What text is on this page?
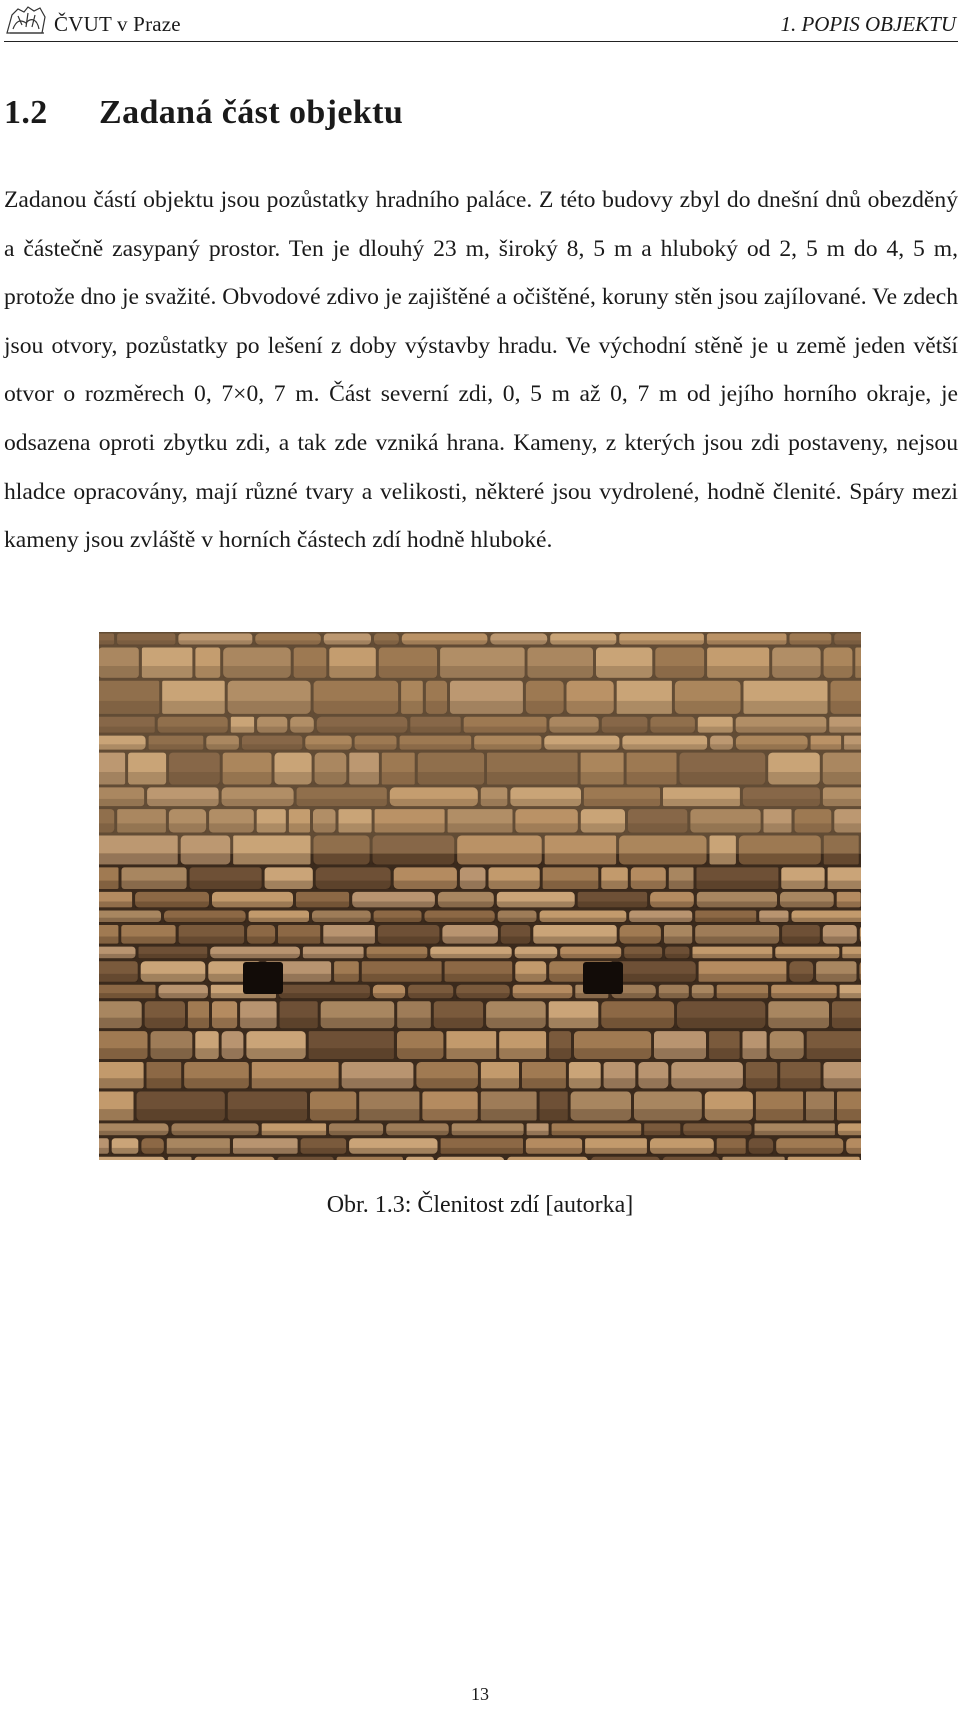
ČVUT v Praze	1. POPIS OBJEKTU
1.2 Zadaná část objektu

Zadanou částí objektu jsou pozůstatky hradního paláce. Z této budovy zbyl do dnešní dnů obezděný a částečně zasypaný prostor. Ten je dlouhý 23 m, široký 8, 5 m a hluboký od 2, 5 m do 4, 5 m, protože dno je svažité. Obvodové zdivo je zajištěné a očištěné, koruny stěn jsou zajílované. Ve zdech jsou otvory, pozůstatky po lešení z doby výstavby hradu. Ve východní stěně je u země jeden větší otvor o rozměrech 0, 7×0, 7 m. Část severní zdi, 0, 5 m až 0, 7 m od jejího horního okraje, je odsazena oproti zbytku zdi, a tak zde vzniká hrana. Kameny, z kterých jsou zdi postaveny, nejsou hladce opracovány, mají různé tvary a velikosti, některé jsou vydrolené, hodně členité. Spáry mezi kameny jsou zvláště v horních částech zdí hodně hluboké.

Obr. 1.3: Členitost zdí [autorka]
13
